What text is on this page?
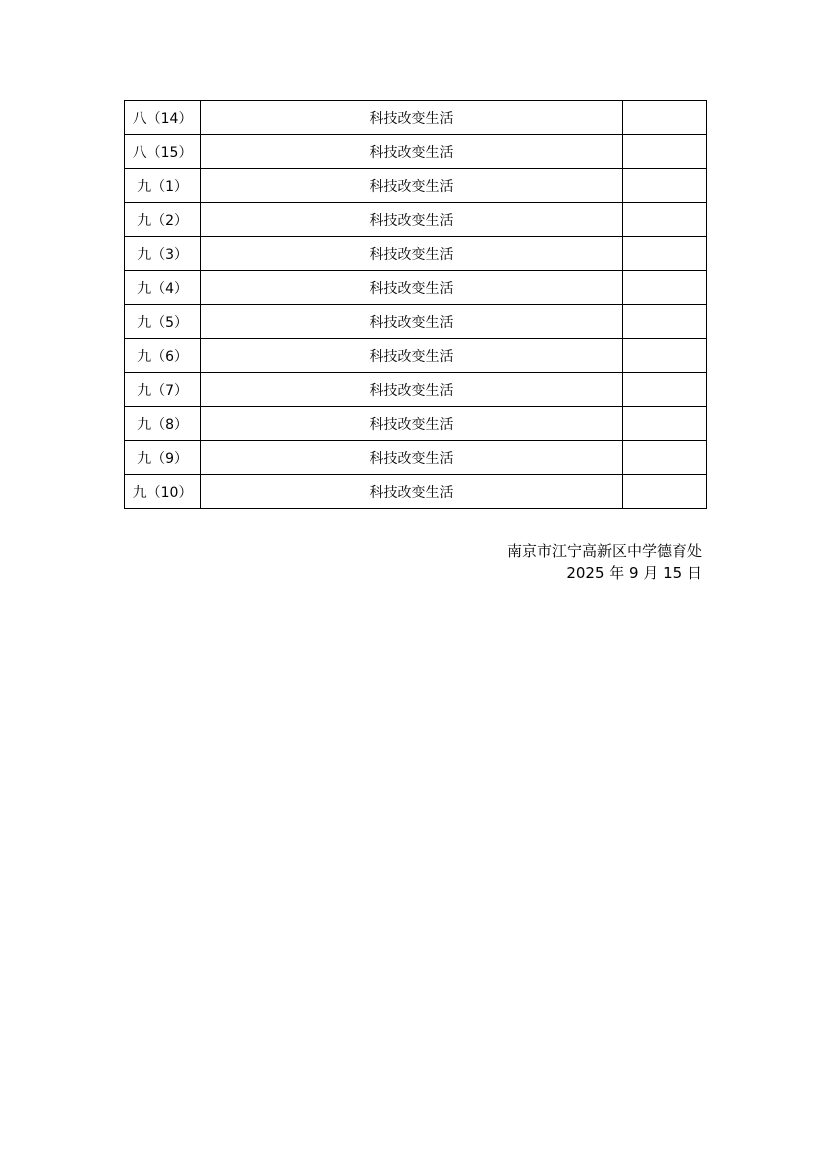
八（14）	科技改变生活	
八（15）	科技改变生活	
九（1）	科技改变生活	
九（2）	科技改变生活	
九（3）	科技改变生活	
九（4）	科技改变生活	
九（5）	科技改变生活	
九（6）	科技改变生活	
九（7）	科技改变生活	
九（8）	科技改变生活	
九（9）	科技改变生活	
九（10）	科技改变生活	
南京市江宁高新区中学德育处
2025 年 9 月 15 日
